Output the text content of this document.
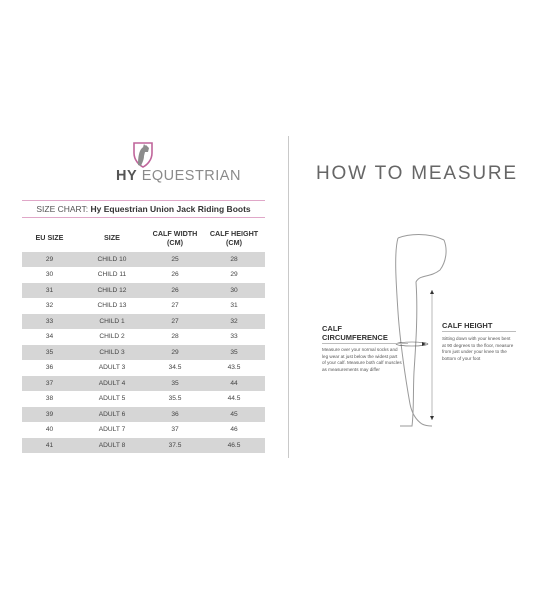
HY EQUESTRIAN
SIZE CHART: Hy Equestrian Union Jack Riding Boots
EU SIZE	SIZE	CALF WIDTH (CM)	CALF HEIGHT (CM)
29	CHILD 10	25	28
30	CHILD 11	26	29
31	CHILD 12	26	30
32	CHILD 13	27	31
33	CHILD 1	27	32
34	CHILD 2	28	33
35	CHILD 3	29	35
36	ADULT 3	34.5	43.5
37	ADULT 4	35	44
38	ADULT 5	35.5	44.5
39	ADULT 6	36	45
40	ADULT 7	37	46
41	ADULT 8	37.5	46.5
HOW TO MEASURE
CALF
CIRCUMFERENCE
Measure over your normal socks and leg wear at just below the widest part of your calf. Measure both calf muscles as measurements may differ
CALF HEIGHT
Sitting down with your knees bent at 90 degrees to the floor, measure from just under your knee to the bottom of your foot
